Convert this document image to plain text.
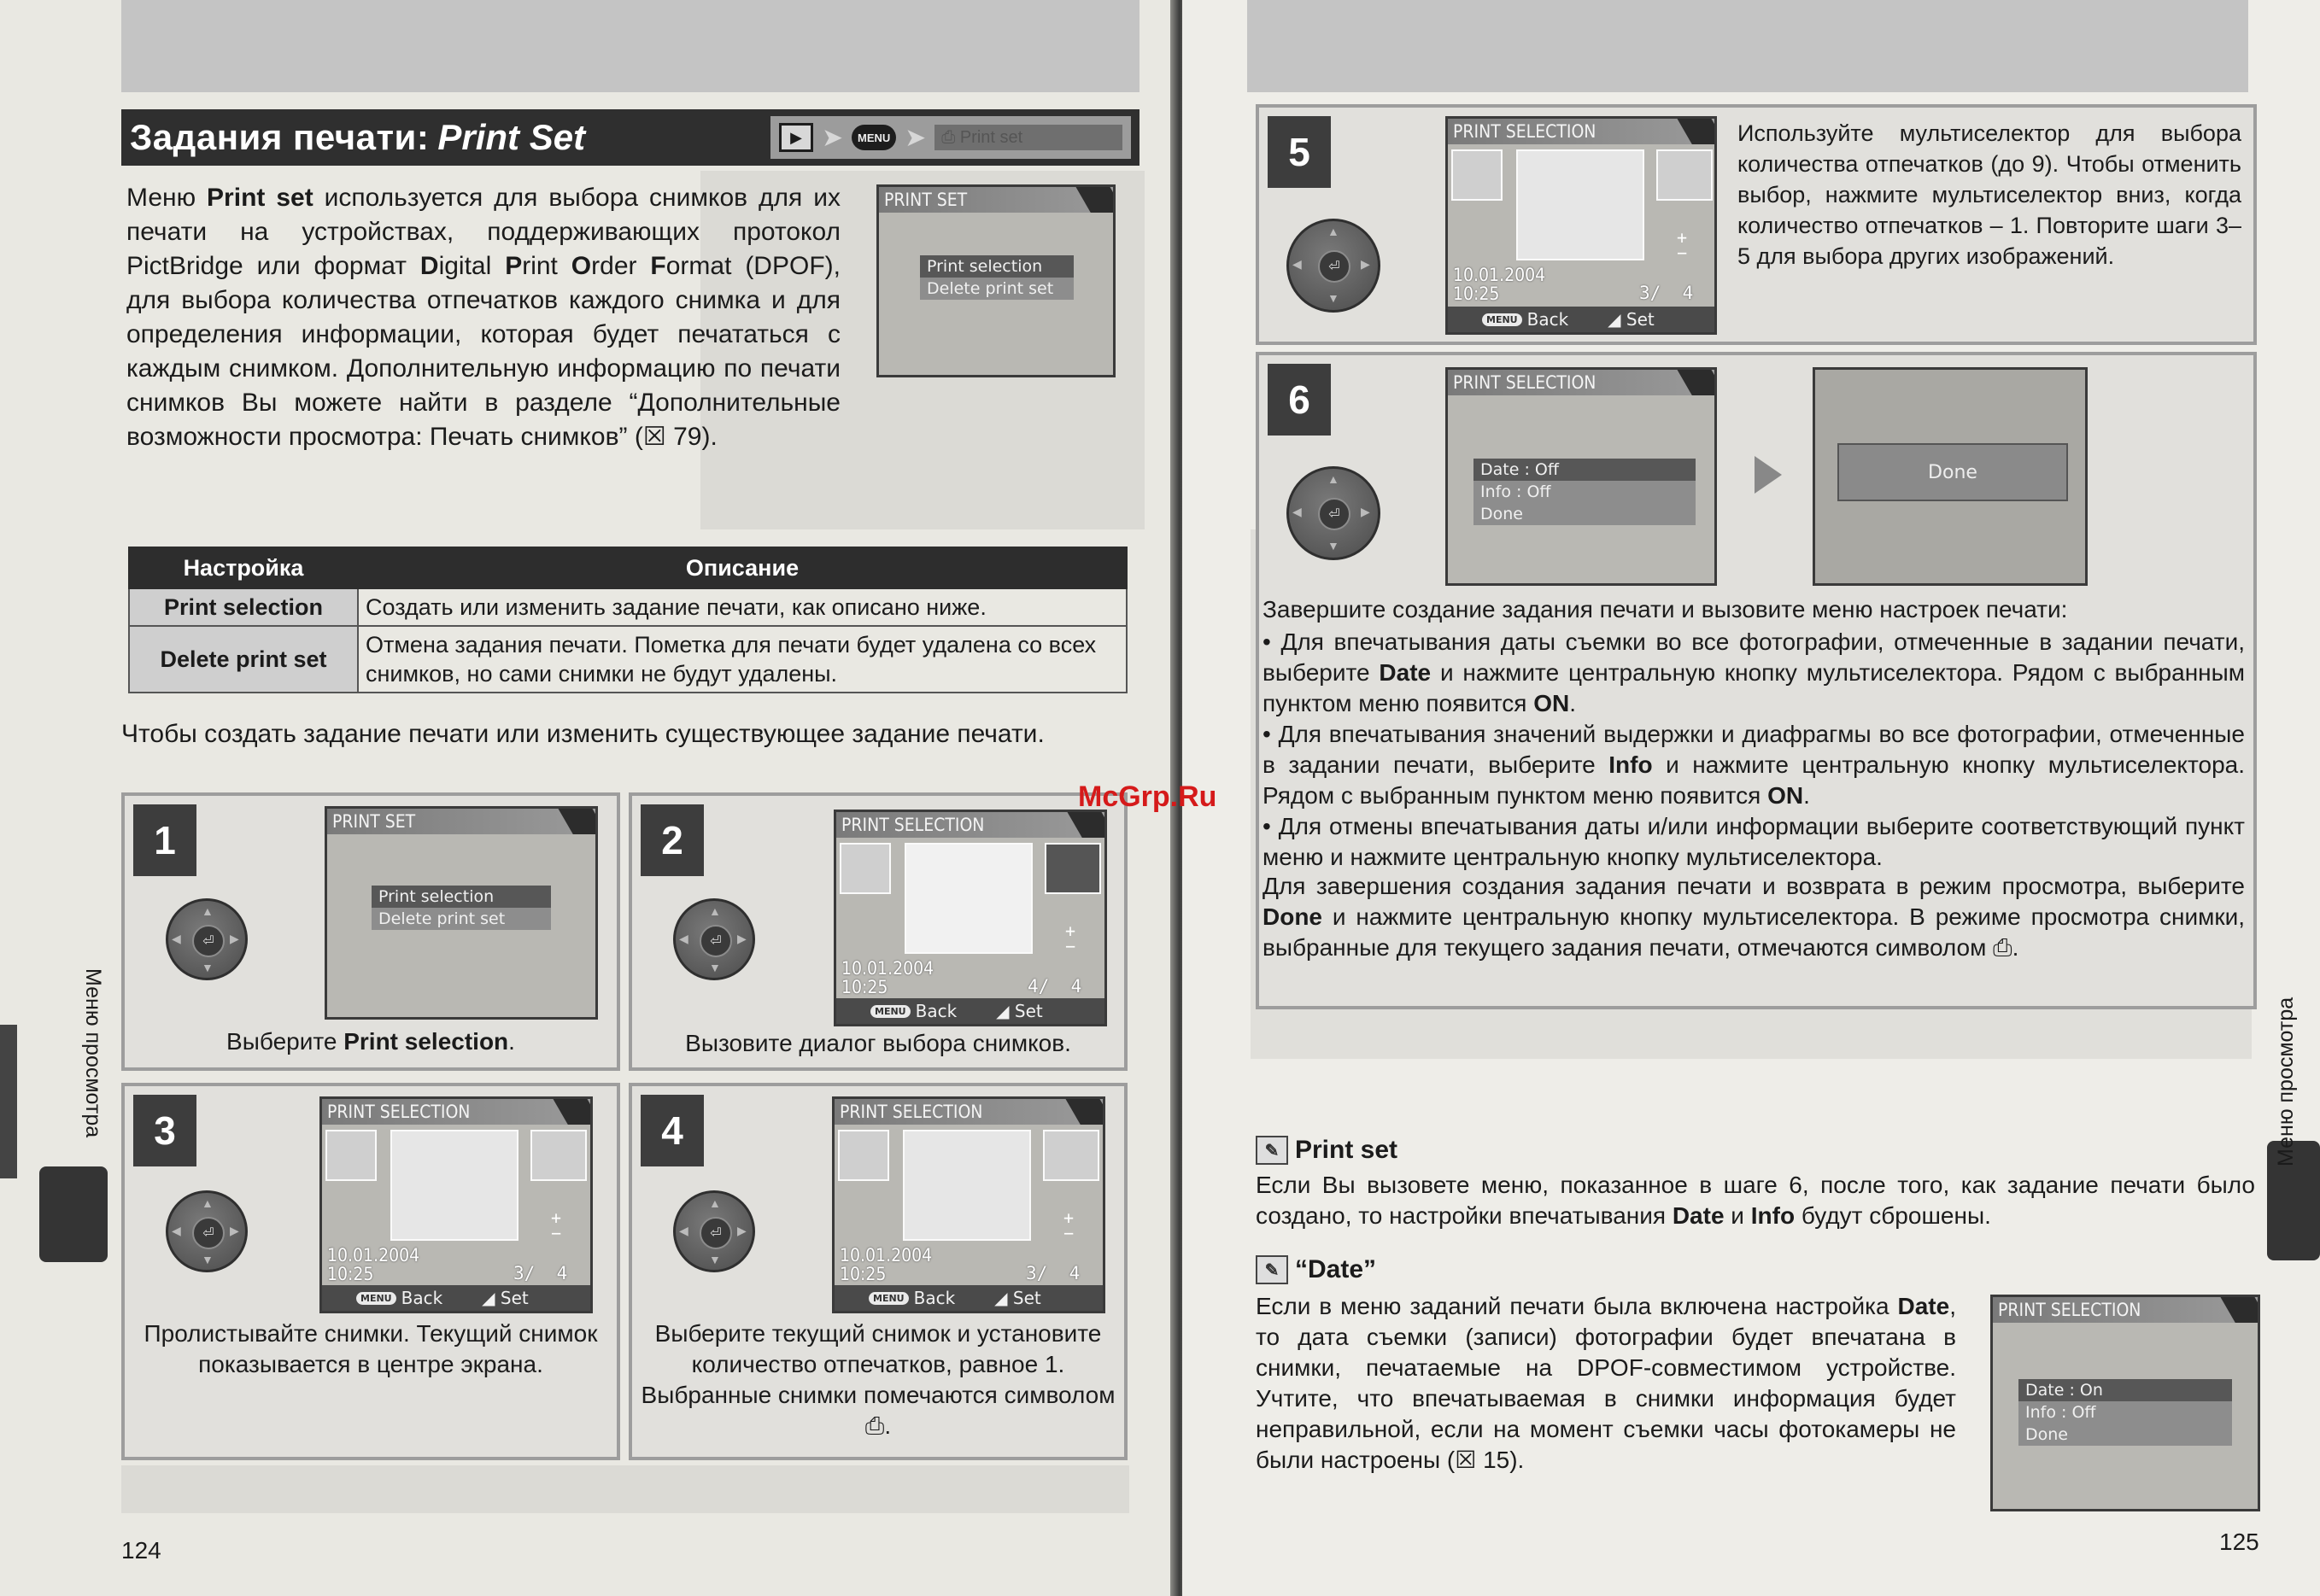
Задания печати: Print Set	▶ ➤	MENU ➤ ⎙
Print set
Меню Print set используется для выбора снимков для их печати на устройствах, поддерживающих протокол PictBridge или формат Digital Print Order Format (DPOF), для выбора количества отпечатков каждого снимка и для определения информации, которая будет печататься с каждым снимком. Дополнительную информацию по печати снимков Вы можете найти в разделе “Дополнительные возможности просмотра: Печать снимков” (☒ 79).
PRINT SET
Print selection
Delete print set
Настройка	Описание
Print selection	Создать или изменить задание печати, как описано ниже.
Delete print set	Отмена задания печати. Пометка для печати будет удалена со всех снимков, но сами снимки не будут удалены.
Чтобы создать задание печати или изменить существующее задание печати.
1
⏎
▲
▼
◀	▶
PRINT SET
Print selection
Delete print set
Выберите Print selection.
2
⏎
▲
▼
◀	▶
PRINT SELECTION
+
−
10.01.2004
10:25	4/ 4
MENU Back ◢
Set
Вызовите диалог выбора снимков.
3
⏎
▲
▼
◀	▶
PRINT SELECTION
+
−
10.01.2004
10:25	3/ 4
MENU Back ◢
Set
Пролистывайте снимки. Текущий снимок показывается в центре экрана.
4
⏎
▲
▼
◀	▶
PRINT SELECTION
+
−
10.01.2004
10:25	3/ 4
MENU Back ◢
Set
Выберите текущий снимок и установите количество отпечатков, равное 1. Выбранные снимки помечаются символом ⎙.
Меню просмотра
124
5
⏎
▲
▼
◀	▶
PRINT SELECTION
+
−
10.01.2004
10:25	3/ 4
MENU Back ◢
Set
Используйте мультиселектор для выбора количества отпечатков (до 9). Чтобы отменить выбор, нажмите мультиселектор вниз, когда количество отпечатков – 1. Повторите шаги 3–5 для выбора других изображений.
6
⏎
▲
▼
◀	▶
PRINT SELECTION
Date : Off
Info : Off
Done
Done
Завершите создание задания печати и вызовите меню настроек печати:
• Для впечатывания даты съемки во все фотографии, отмеченные в задании печати, выберите Date и нажмите центральную кнопку мультиселектора. Рядом с выбранным пунктом меню появится ON.
• Для впечатывания значений выдержки и диафрагмы во все фотографии, отмеченные в задании печати, выберите Info и нажмите центральную кнопку мультиселектора. Рядом с выбранным пунктом меню появится ON.
• Для отмены впечатывания даты и/или информации выберите соответствующий пункт меню и нажмите центральную кнопку мультиселектора.
Для завершения создания задания печати и возврата в режим просмотра, выберите Done и нажмите центральную кнопку мультиселектора. В режиме просмотра снимки, выбранные для текущего задания печати, отмечаются символом ⎙.
✎ Print set
Если Вы вызовете меню, показанное в шаге 6, после того, как задание печати было создано, то настройки впечатывания Date и Info будут сброшены.
✎ “Date”
Если в меню заданий печати была включена настройка Date, то дата съемки (записи) фотографии будет впечатана в снимки, печатаемые на DPOF-совместимом устройстве. Учтите, что впечатываемая в снимки информация будет неправильной, если на момент съемки часы фотокамеры не были настроены (☒ 15).
PRINT SELECTION
Date : On
Info : Off
Done
Меню просмотра
125
McGrp.Ru
